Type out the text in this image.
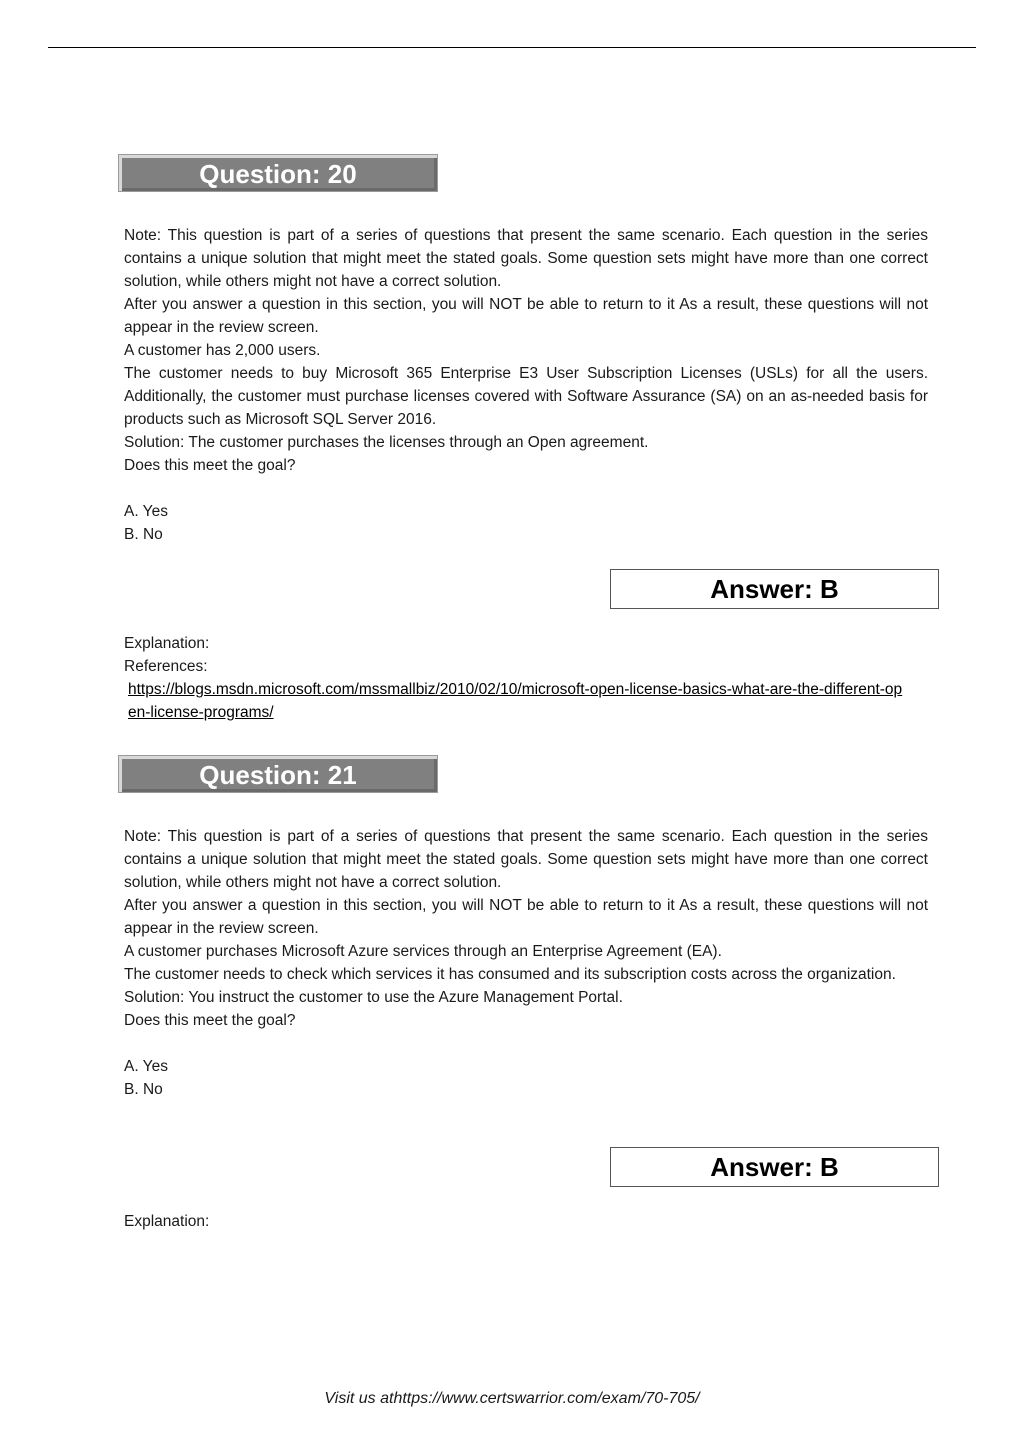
Question: 20

Note: This question is part of a series of questions that present the same scenario. Each question in the series contains a unique solution that might meet the stated goals. Some question sets might have more than one correct solution, while others might not have a correct solution.

After you answer a question in this section, you will NOT be able to return to it As a result, these questions will not appear in the review screen.

A customer has 2,000 users.

The customer needs to buy Microsoft 365 Enterprise E3 User Subscription Licenses (USLs) for all the users. Additionally, the customer must purchase licenses covered with Software Assurance (SA) on an as-needed basis for products such as Microsoft SQL Server 2016.

Solution: The customer purchases the licenses through an Open agreement.

Does this meet the goal?

A. Yes

B. No

Answer: B

Explanation:

References:

https://blogs.msdn.microsoft.com/mssmallbiz/2010/02/10/microsoft-open-license-basics-what-are-the-different-open-license-programs/
Question: 21

Note: This question is part of a series of questions that present the same scenario. Each question in the series contains a unique solution that might meet the stated goals. Some question sets might have more than one correct solution, while others might not have a correct solution.

After you answer a question in this section, you will NOT be able to return to it As a result, these questions will not appear in the review screen.

A customer purchases Microsoft Azure services through an Enterprise Agreement (EA).

The customer needs to check which services it has consumed and its subscription costs across the organization.

Solution: You instruct the customer to use the Azure Management Portal.

Does this meet the goal?

A. Yes

B. No

Answer: B

Explanation:

Visit us athttps://www.certswarrior.com/exam/70-705/
